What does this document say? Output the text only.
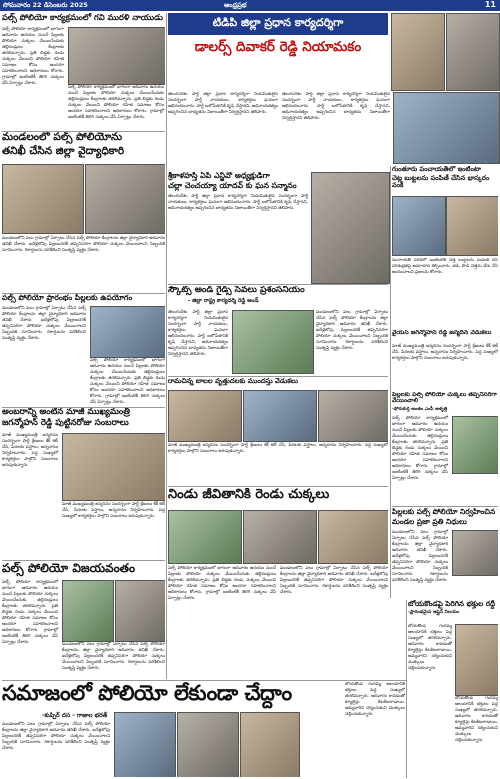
సోమవారం 22 డిసెంబరు 2025	ఆంధ్రప్రభ	11
పల్స్ పోలియో కార్యక్రమంలో గవి మురళి నాయుడు
పల్స్ పోలియో కార్యక్రమంలో భాగంగా ఆదివారం ఉదయం నుంచే పిల్లలకు పోలియో చుక్కలు వేయించేందుకు తల్లిదండ్రులు కేంద్రాలకు తరలివచ్చారు. ప్రతి బిడ్డకు రెండు చుక్కలు వేయించి పోలియో రహిత సమాజం కోసం అందరూ సహకరించాలని అధికారులు కోరారు. గ్రామాల్లో ఇంటింటికీ తిరిగి చుక్కలు వేసే ఏర్పాట్లు చేశారు.
పల్స్ పోలియో కార్యక్రమంలో భాగంగా ఆదివారం ఉదయం నుంచే పిల్లలకు పోలియో చుక్కలు వేయించేందుకు తల్లిదండ్రులు కేంద్రాలకు తరలివచ్చారు. ప్రతి బిడ్డకు రెండు చుక్కలు వేయించి పోలియో రహిత సమాజం కోసం అందరూ సహకరించాలని అధికారులు కోరారు. గ్రామాల్లో ఇంటింటికీ తిరిగి చుక్కలు వేసే ఏర్పాట్లు చేశారు.
మండలంలో పల్స్ పోలియోను
తనిఖీ చేసిన జిల్లా వైద్యాధికారి
మండలంలోని పలు గ్రామాల్లో ఏర్పాటు చేసిన పల్స్ పోలియో కేంద్రాలను జిల్లా వైద్యాధికారి ఆదివారం తనిఖీ చేశారు. ఐదేళ్లలోపు పిల్లలందరికీ తప్పనిసరిగా పోలియో చుక్కలు వేయించాలని సిబ్బందికి సూచించారు. రికార్డులను పరిశీలించి సంతృప్తి వ్యక్తం చేశారు.
పల్స్ పోలియో ప్రారంభం పిల్లలకు ఉపయోగం
మండలంలోని పలు గ్రామాల్లో ఏర్పాటు చేసిన పల్స్ పోలియో కేంద్రాలను జిల్లా వైద్యాధికారి ఆదివారం తనిఖీ చేశారు. ఐదేళ్లలోపు పిల్లలందరికీ తప్పనిసరిగా పోలియో చుక్కలు వేయించాలని సిబ్బందికి సూచించారు. రికార్డులను పరిశీలించి సంతృప్తి వ్యక్తం చేశారు.
పల్స్ పోలియో కార్యక్రమంలో భాగంగా ఆదివారం ఉదయం నుంచే పిల్లలకు పోలియో చుక్కలు వేయించేందుకు తల్లిదండ్రులు కేంద్రాలకు తరలివచ్చారు. ప్రతి బిడ్డకు రెండు చుక్కలు వేయించి పోలియో రహిత సమాజం కోసం అందరూ సహకరించాలని అధికారులు కోరారు. గ్రామాల్లో ఇంటింటికీ తిరిగి చుక్కలు వేసే ఏర్పాట్లు చేశారు.
అంబరాన్ని అంటిన మాజీ ముఖ్యమంత్రి
జగన్మోహన్ రెడ్డి పుట్టినరోజు సంబరాలు
మాజీ ముఖ్యమంత్రి జన్మదినం సందర్భంగా పార్టీ శ్రేణులు కేక్ కట్ చేసి, పేదలకు వస్త్రాలు, అన్నదానం నిర్వహించారు. పెద్ద సంఖ్యలో కార్యకర్తలు పాల్గొని సంబరాలు జరుపుకున్నారు.
మాజీ ముఖ్యమంత్రి జన్మదినం సందర్భంగా పార్టీ శ్రేణులు కేక్ కట్ చేసి, పేదలకు వస్త్రాలు, అన్నదానం నిర్వహించారు. పెద్ద సంఖ్యలో కార్యకర్తలు పాల్గొని సంబరాలు జరుపుకున్నారు.
పల్స్ పోలియో విజయవంతం
పల్స్ పోలియో కార్యక్రమంలో భాగంగా ఆదివారం ఉదయం నుంచే పిల్లలకు పోలియో చుక్కలు వేయించేందుకు తల్లిదండ్రులు కేంద్రాలకు తరలివచ్చారు. ప్రతి బిడ్డకు రెండు చుక్కలు వేయించి పోలియో రహిత సమాజం కోసం అందరూ సహకరించాలని అధికారులు కోరారు. గ్రామాల్లో ఇంటింటికీ తిరిగి చుక్కలు వేసే ఏర్పాట్లు చేశారు.	మండలంలోని పలు గ్రామాల్లో ఏర్పాటు చేసిన పల్స్ పోలియో కేంద్రాలను జిల్లా వైద్యాధికారి ఆదివారం తనిఖీ చేశారు. ఐదేళ్లలోపు పిల్లలందరికీ తప్పనిసరిగా పోలియో చుక్కలు వేయించాలని సిబ్బందికి సూచించారు. రికార్డులను పరిశీలించి సంతృప్తి వ్యక్తం చేశారు.
సమాజంలో పోలియో లేకుండా చేద్దాం
-కుప్పిర్ దస - గాజుల భరత్
మండలంలోని పలు గ్రామాల్లో ఏర్పాటు చేసిన పల్స్ పోలియో కేంద్రాలను జిల్లా వైద్యాధికారి ఆదివారం తనిఖీ చేశారు. ఐదేళ్లలోపు పిల్లలందరికీ తప్పనిసరిగా పోలియో చుక్కలు వేయించాలని సిబ్బందికి సూచించారు. రికార్డులను పరిశీలించి సంతృప్తి వ్యక్తం చేశారు.
టిడిపి జిల్లా ప్రధాన కార్యదర్శిగా
డాలర్స్ దివాకర్ రెడ్డి నియామకం
తెలుగుదేశం పార్టీ జిల్లా ప్రధాన కార్యదర్శిగా నియమితులైన సందర్భంగా పార్టీ నాయకులు, కార్యకర్తలు ఘనంగా అభినందించారు. పార్టీ బలోపేతానికి కృషి చేస్తానని, అధినాయకత్వం అప్పగించిన బాధ్యతను నిజాయితీగా నిర్వర్తిస్తానని తెలిపారు.
తెలుగుదేశం పార్టీ జిల్లా ప్రధాన కార్యదర్శిగా నియమితులైన సందర్భంగా పార్టీ నాయకులు, కార్యకర్తలు ఘనంగా అభినందించారు. పార్టీ బలోపేతానికి కృషి చేస్తానని, అధినాయకత్వం అప్పగించిన బాధ్యతను నిజాయితీగా నిర్వర్తిస్తానని తెలిపారు.
శ్రీకాళహస్తి ఏపీ ఎన్జీవో అధ్యక్షుడిగా
చల్లా చెంచయ్యా యాదవ్ కు ఘన సన్మానం
తెలుగుదేశం పార్టీ జిల్లా ప్రధాన కార్యదర్శిగా నియమితులైన సందర్భంగా పార్టీ నాయకులు, కార్యకర్తలు ఘనంగా అభినందించారు. పార్టీ బలోపేతానికి కృషి చేస్తానని, అధినాయకత్వం అప్పగించిన బాధ్యతను నిజాయితీగా నిర్వర్తిస్తానని తెలిపారు.
స్కౌట్స్ అండ్ గైడ్స్ సేవలు ప్రశంసనీయం
- జిల్లా రాష్ట్ర కార్యదర్శి రెడ్డి అండ్
తెలుగుదేశం పార్టీ జిల్లా ప్రధాన కార్యదర్శిగా నియమితులైన సందర్భంగా పార్టీ నాయకులు, కార్యకర్తలు ఘనంగా అభినందించారు. పార్టీ బలోపేతానికి కృషి చేస్తానని, అధినాయకత్వం అప్పగించిన బాధ్యతను నిజాయితీగా నిర్వర్తిస్తానని తెలిపారు.
మండలంలోని పలు గ్రామాల్లో ఏర్పాటు చేసిన పల్స్ పోలియో కేంద్రాలను జిల్లా వైద్యాధికారి ఆదివారం తనిఖీ చేశారు. ఐదేళ్లలోపు పిల్లలందరికీ తప్పనిసరిగా పోలియో చుక్కలు వేయించాలని సిబ్బందికి సూచించారు. రికార్డులను పరిశీలించి సంతృప్తి వ్యక్తం చేశారు.
రామచిన్న బాలల వృత్తుదలకు ముందస్తు వేడుకలు
మాజీ ముఖ్యమంత్రి జన్మదినం సందర్భంగా పార్టీ శ్రేణులు కేక్ కట్ చేసి, పేదలకు వస్త్రాలు, అన్నదానం నిర్వహించారు. పెద్ద సంఖ్యలో కార్యకర్తలు పాల్గొని సంబరాలు జరుపుకున్నారు.
నిండు జీవితానికి రెండు చుక్కలు
పల్స్ పోలియో కార్యక్రమంలో భాగంగా ఆదివారం ఉదయం నుంచే పిల్లలకు పోలియో చుక్కలు వేయించేందుకు తల్లిదండ్రులు కేంద్రాలకు తరలివచ్చారు. ప్రతి బిడ్డకు రెండు చుక్కలు వేయించి పోలియో రహిత సమాజం కోసం అందరూ సహకరించాలని అధికారులు కోరారు. గ్రామాల్లో ఇంటింటికీ తిరిగి చుక్కలు వేసే ఏర్పాట్లు చేశారు.
మండలంలోని పలు గ్రామాల్లో ఏర్పాటు చేసిన పల్స్ పోలియో కేంద్రాలను జిల్లా వైద్యాధికారి ఆదివారం తనిఖీ చేశారు. ఐదేళ్లలోపు పిల్లలందరికీ తప్పనిసరిగా పోలియో చుక్కలు వేయించాలని సిబ్బందికి సూచించారు. రికార్డులను పరిశీలించి సంతృప్తి వ్యక్తం చేశారు.
బోయకొండ గంగమ్మ ఆలయానికి భక్తులు పెద్ద సంఖ్యలో తరలివచ్చారు. ఆదివారం కావడంతో క్యూలైన్లు కిటకిటలాడాయి. అమ్మవారిని దర్శించుకుని మొక్కులు చెల్లించుకున్నారు.
గుంతూరు పంచాయతీలో ఇంటింటా
చెట్ల బుట్టలను పంపిణీ చేసిన భాస్కరం వంకీ
పంచాయతీ పరిధిలో ఇంటింటికీ చెత్త బుట్టలను పంపిణీ చేసి పరిశుభ్రతపై అవగాహన కల్పించారు. తడి, పొడి చెత్తను వేరు చేసి అందించాలని ప్రజలను కోరారు.
వైయస్ జగన్మోహన్ రెడ్డి జన్మదిన వేడుకలు
మాజీ ముఖ్యమంత్రి జన్మదినం సందర్భంగా పార్టీ శ్రేణులు కేక్ కట్ చేసి, పేదలకు వస్త్రాలు, అన్నదానం నిర్వహించారు. పెద్ద సంఖ్యలో కార్యకర్తలు పాల్గొని సంబరాలు జరుపుకున్నారు.
పిల్లలకు పల్స్ పోలియో చుక్కలు తప్పనిసరిగా వేయించాలి
-ఫోరుకుర్తి అంతం ఎంపీ ఆళ్ళత్తి
పల్స్ పోలియో కార్యక్రమంలో భాగంగా ఆదివారం ఉదయం నుంచే పిల్లలకు పోలియో చుక్కలు వేయించేందుకు తల్లిదండ్రులు కేంద్రాలకు తరలివచ్చారు. ప్రతి బిడ్డకు రెండు చుక్కలు వేయించి పోలియో రహిత సమాజం కోసం అందరూ సహకరించాలని అధికారులు కోరారు. గ్రామాల్లో ఇంటింటికీ తిరిగి చుక్కలు వేసే ఏర్పాట్లు చేశారు.
పిల్లలకు పల్స్ పోలియో నిర్వహించిన
మండల ప్రజా ప్రతి నిధులు
మండలంలోని పలు గ్రామాల్లో ఏర్పాటు చేసిన పల్స్ పోలియో కేంద్రాలను జిల్లా వైద్యాధికారి ఆదివారం తనిఖీ చేశారు. ఐదేళ్లలోపు పిల్లలందరికీ తప్పనిసరిగా పోలియో చుక్కలు వేయించాలని సిబ్బందికి సూచించారు. రికార్డులను పరిశీలించి సంతృప్తి వ్యక్తం చేశారు.
బోయకొండపై పెరిగిన భక్తుల రద్దీ
-ఫ్రారంభమైన ఆఫ్లైన్ నిలయం
బోయకొండ గంగమ్మ ఆలయానికి భక్తులు పెద్ద సంఖ్యలో తరలివచ్చారు. ఆదివారం కావడంతో క్యూలైన్లు కిటకిటలాడాయి. అమ్మవారిని దర్శించుకుని మొక్కులు చెల్లించుకున్నారు.
బోయకొండ గంగమ్మ ఆలయానికి భక్తులు పెద్ద సంఖ్యలో తరలివచ్చారు. ఆదివారం కావడంతో క్యూలైన్లు కిటకిటలాడాయి. అమ్మవారిని దర్శించుకుని మొక్కులు చెల్లించుకున్నారు.
